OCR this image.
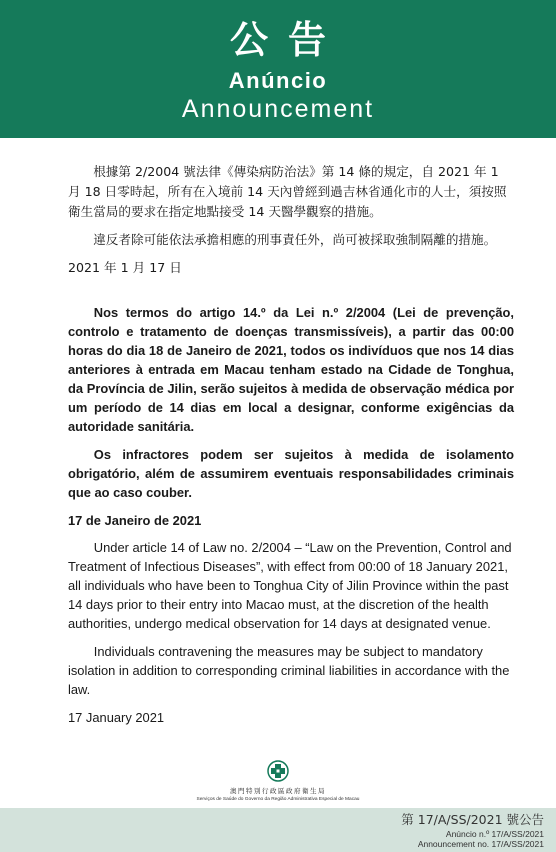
公告
Anúncio
Announcement

根據第 2/2004 號法律《傳染病防治法》第 14 條的規定，自 2021 年 1 月 18 日零時起，所有在入境前 14 天內曾經到過吉林省通化市的人士，須按照衛生當局的要求在指定地點接受 14 天醫學觀察的措施。

違反者除可能依法承擔相應的刑事責任外，尚可被採取強制隔離的措施。

2021 年 1 月 17 日

Nos termos do artigo 14.º da Lei n.º 2/2004 (Lei de prevenção, controlo e tratamento de doenças transmissíveis), a partir das 00:00 horas do dia 18 de Janeiro de 2021, todos os indivíduos que nos 14 dias anteriores à entrada em Macau tenham estado na Cidade de Tonghua, da Província de Jilin, serão sujeitos à medida de observação médica por um período de 14 dias em local a designar, conforme exigências da autoridade sanitária.

Os infractores podem ser sujeitos à medida de isolamento obrigatório, além de assumirem eventuais responsabilidades criminais que ao caso couber.

17 de Janeiro de 2021

Under article 14 of Law no. 2/2004 – “Law on the Prevention, Control and Treatment of Infectious Diseases”, with effect from 00:00 of 18 January 2021, all individuals who have been to Tonghua City of Jilin Province within the past 14 days prior to their entry into Macao must, at the discretion of the health authorities, undergo medical observation for 14 days at designated venue.

Individuals contravening the measures may be subject to mandatory isolation in addition to corresponding criminal liabilities in accordance with the law.

17 January 2021

澳門特別行政區政府衛生局
Serviços de Saúde do Governo da Região Administrativa Especial de Macau
第 17/A/SS/2021 號公告
Anúncio n.º 17/A/SS/2021
Announcement no. 17/A/SS/2021
